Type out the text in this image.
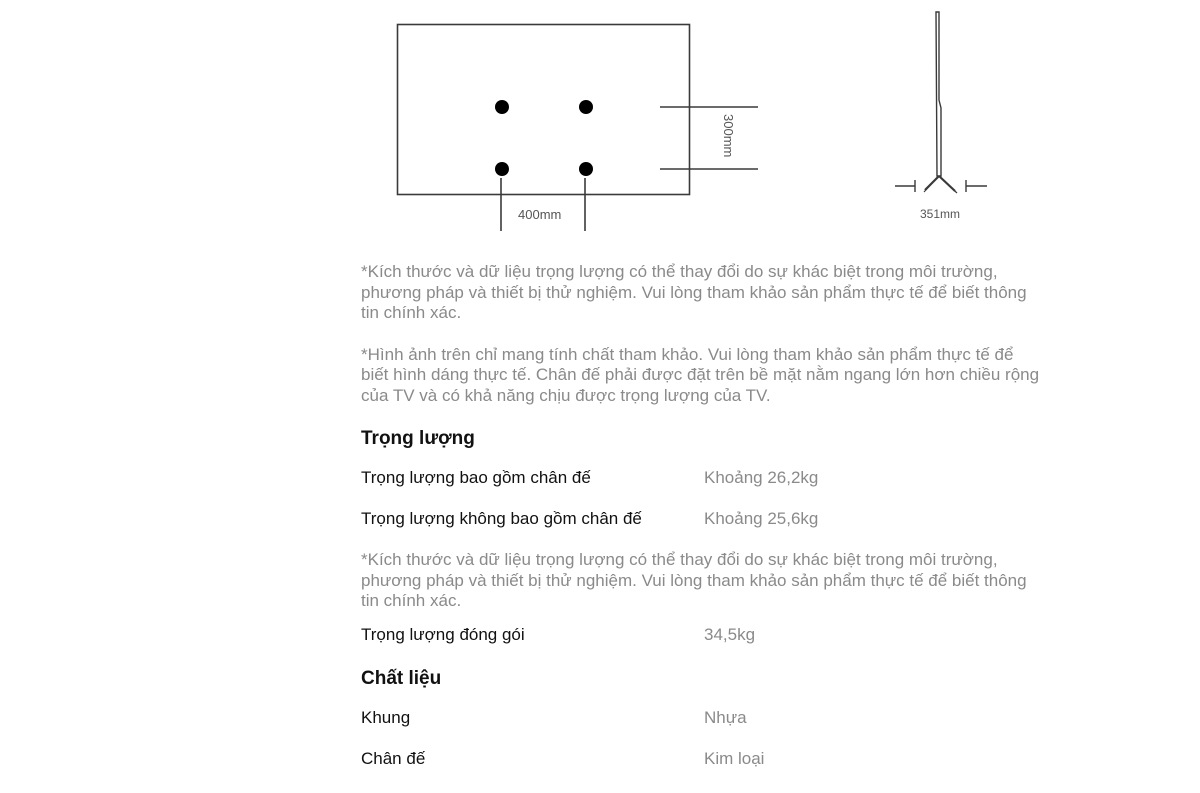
300mm
400mm	351mm

*Kích thước và dữ liệu trọng lượng có thể thay đổi do sự khác biệt trong môi trường, phương pháp và thiết bị thử nghiệm. Vui lòng tham khảo sản phẩm thực tế để biết thông tin chính xác.

*Hình ảnh trên chỉ mang tính chất tham khảo. Vui lòng tham khảo sản phẩm thực tế để biết hình dáng thực tế. Chân đế phải được đặt trên bề mặt nằm ngang lớn hơn chiều rộng của TV và có khả năng chịu được trọng lượng của TV.

Trọng lượng
Trọng lượng bao gồm chân đế	Khoảng 26,2kg
Trọng lượng không bao gồm chân đế	Khoảng 25,6kg

*Kích thước và dữ liệu trọng lượng có thể thay đổi do sự khác biệt trong môi trường, phương pháp và thiết bị thử nghiệm. Vui lòng tham khảo sản phẩm thực tế để biết thông tin chính xác.

Trọng lượng đóng gói	34,5kg
Chất liệu
Khung	Nhựa
Chân đế	Kim loại
